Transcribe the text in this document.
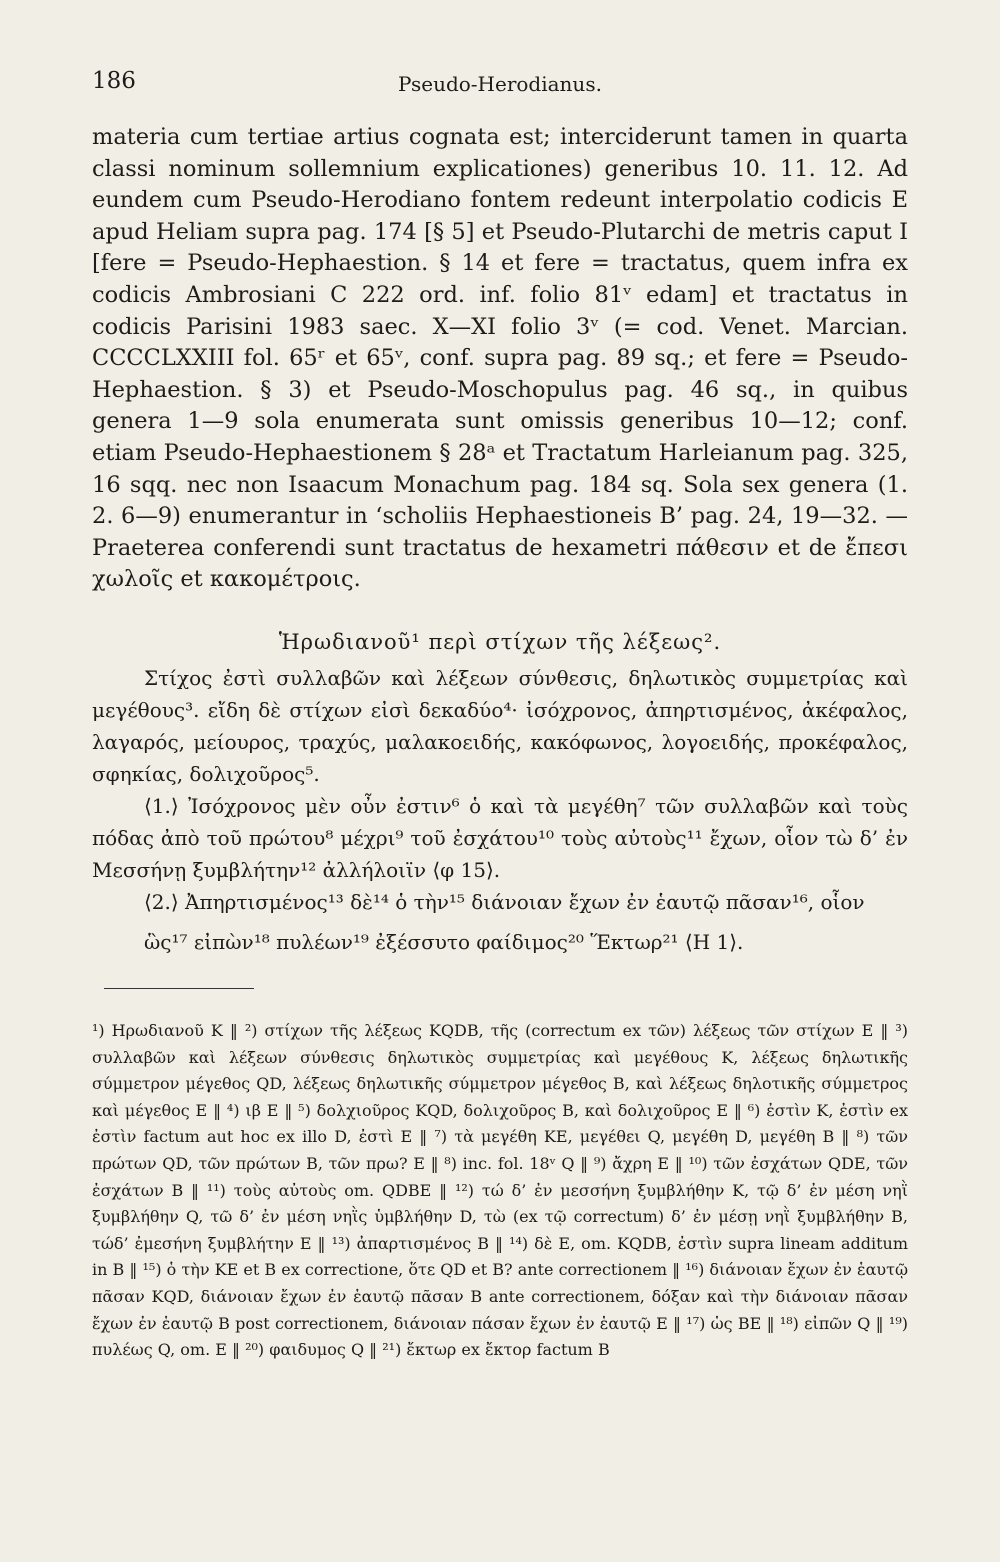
186	Pseudo-Herodianus.

materia cum tertiae artius cognata est; interciderunt tamen in quarta classi nominum sollemnium explicationes) generibus 10. 11. 12. Ad eundem cum Pseudo-Herodiano fontem redeunt interpolatio codicis E apud Heliam supra pag. 174 [§ 5] et Pseudo-Plutarchi de metris caput I [fere = Pseudo-Hephaestion. § 14 et fere = tractatus, quem infra ex codicis Ambrosiani C 222 ord. inf. folio 81ᵛ edam] et tractatus in codicis Parisini 1983 saec. X—XI folio 3ᵛ (= cod. Venet. Marcian. CCCCLXXIII fol. 65ʳ et 65ᵛ, conf. supra pag. 89 sq.; et fere = Pseudo-Hephaestion. § 3) et Pseudo-Moschopulus pag. 46 sq., in quibus genera 1—9 sola enumerata sunt omissis generibus 10—12; conf. etiam Pseudo-Hephaestionem § 28ᵃ et Tractatum Harleianum pag. 325, 16 sqq. nec non Isaacum Monachum pag. 184 sq. Sola sex genera (1. 2. 6—9) enumerantur in ‘scholiis Hephaestioneis B’ pag. 24, 19—32. — Praeterea conferendi sunt tractatus de hexametri πάθεσιν et de ἔπεσι χωλοῖς et κακομέτροις.

Ἡρωδιανοῦ¹ περὶ στίχων τῆς λέξεως².

Στίχος ἐστὶ συλλαβῶν καὶ λέξεων σύνθεσις, δηλωτικὸς συμμετρίας καὶ μεγέθους³. εἴδη δὲ στίχων εἰσὶ δεκαδύο⁴· ἰσόχρονος, ἀπηρτισμένος, ἀκέφαλος, λαγαρός, μείουρος, τραχύς, μαλακοειδής, κακόφωνος, λογοειδής, προκέφαλος, σφηκίας, δολιχοῦρος⁵.

⟨1.⟩ Ἰσόχρονος μὲν οὖν ἐστιν⁶ ὁ καὶ τὰ μεγέθη⁷ τῶν συλλαβῶν καὶ τοὺς πόδας ἀπὸ τοῦ πρώτου⁸ μέχρι⁹ τοῦ ἐσχάτου¹⁰ τοὺς αὐτοὺς¹¹ ἔχων, οἷον τὼ δ’ ἐν Μεσσήνῃ ξυμβλήτην¹² ἀλλήλοιϊν ⟨φ 15⟩.

⟨2.⟩ Ἀπηρτισμένος¹³ δὲ¹⁴ ὁ τὴν¹⁵ διάνοιαν ἔχων ἐν ἑαυτῷ πᾶσαν¹⁶, οἷον

ὣς¹⁷ εἰπὼν¹⁸ πυλέων¹⁹ ἐξέσσυτο φαίδιμος²⁰ Ἕκτωρ²¹ ⟨Η 1⟩.

¹) Ηρωδιανοῦ K ‖ ²) στίχων τῆς λέξεως KQDB, τῆς (correctum ex τῶν) λέξεως τῶν στίχων E ‖ ³) συλλαβῶν καὶ λέξεων σύνθεσις δηλωτικὸς συμμετρίας καὶ μεγέθους K, λέξεως δηλωτικῆς σύμμετρον μέγεθος QD, λέξεως δηλωτικῆς σύμμετρον μέγεθος B, καὶ λέξεως δηλοτικῆς σύμμετρος καὶ μέγεθος E ‖ ⁴) ιβ E ‖ ⁵) δολχιοῦρος KQD, δολιχοῦρος B, καὶ δολιχοῦρος E ‖ ⁶) ἐστὶν K, ἐστὶν ex ἐστὶν factum aut hoc ex illo D, ἐστὶ E ‖ ⁷) τὰ μεγέθη KE, μεγέθει Q, μεγέθη D, μεγέθη B ‖ ⁸) τῶν πρώτων QD, τῶν πρώτων B, τῶν πρω? E ‖ ⁸) inc. fol. 18ᵛ Q ‖ ⁹) ἄχρη E ‖ ¹⁰) τῶν ἐσχάτων QDE, τῶν ἐσχάτων B ‖ ¹¹) τοὺς αὐτοὺς om. QDBE ‖ ¹²) τώ δ’ ἐν μεσσήνη ξυμβλήθην K, τῷ δ’ ἐν μέση νηῒ ξυμβλήθην Q, τῶ δ’ ἐν μέση νηῒς ὑμβλήθην D, τὼ (ex τῷ correctum) δ’ ἐν μέσῃ νηῒ ξυμβλήθην B, τώδ’ ἐμεσήνη ξυμβλήτην E ‖ ¹³) ἀπαρτισμένος B ‖ ¹⁴) δὲ E, om. KQDB, ἐστὶν supra lineam additum in B ‖ ¹⁵) ὁ τὴν KE et B ex correctione, ὅτε QD et B? ante correctionem ‖ ¹⁶) διάνοιαν ἔχων ἐν ἑαυτῷ πᾶσαν KQD, διάνοιαν ἔχων ἐν ἑαυτῷ πᾶσαν B ante correctionem, δόξαν καὶ τὴν διάνοιαν πᾶσαν ἔχων ἐν ἑαυτῷ B post correctionem, διάνοιαν πάσαν ἔχων ἐν ἑαυτῷ E ‖ ¹⁷) ὡς BE ‖ ¹⁸) εἰπῶν Q ‖ ¹⁹) πυλέως Q, om. E ‖ ²⁰) φαιδυμος Q ‖ ²¹) ἔκτωρ ex ἔκτορ factum B
